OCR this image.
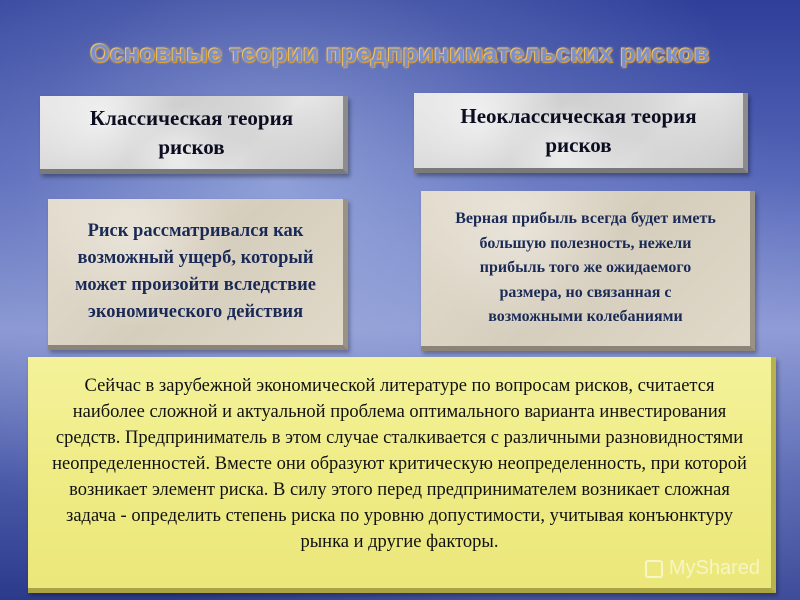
Основные теории предпринимательских рисков
Классическая теория рисков
Неоклассическая теория рисков
Риск рассматривался как возможный ущерб, который может произойти вследствие экономического действия
Верная прибыль всегда будет иметь большую полезность, нежели прибыль того же ожидаемого размера, но связанная с возможными колебаниями
Сейчас в зарубежной экономической литературе по вопросам рисков, считается наиболее сложной и актуальной проблема оптимального варианта инвестирования средств. Предприниматель в этом случае сталкивается с различными разновидностями неопределенностей. Вместе они образуют критическую неопределенность, при которой возникает элемент риска. В силу этого перед предпринимателем возникает сложная задача - определить степень риска по уровню допустимости, учитывая конъюнктуру рынка и другие факторы.
MyShared
